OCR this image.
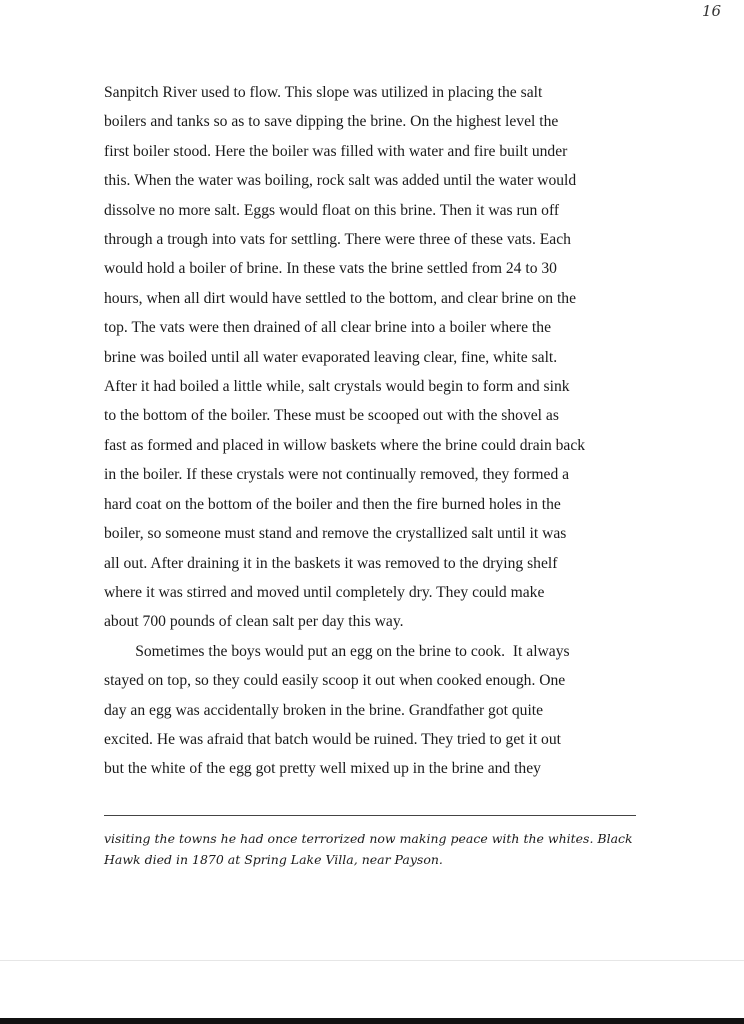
16
Sanpitch River used to flow. This slope was utilized in placing the salt
boilers and tanks so as to save dipping the brine. On the highest level the
first boiler stood. Here the boiler was filled with water and fire built under
this. When the water was boiling, rock salt was added until the water would
dissolve no more salt. Eggs would float on this brine. Then it was run off
through a trough into vats for settling. There were three of these vats. Each
would hold a boiler of brine. In these vats the brine settled from 24 to 30
hours, when all dirt would have settled to the bottom, and clear brine on the
top. The vats were then drained of all clear brine into a boiler where the
brine was boiled until all water evaporated leaving clear, fine, white salt.
After it had boiled a little while, salt crystals would begin to form and sink
to the bottom of the boiler. These must be scooped out with the shovel as
fast as formed and placed in willow baskets where the brine could drain back
in the boiler. If these crystals were not continually removed, they formed a
hard coat on the bottom of the boiler and then the fire burned holes in the
boiler, so someone must stand and remove the crystallized salt until it was
all out. After draining it in the baskets it was removed to the drying shelf
where it was stirred and moved until completely dry. They could make
about 700 pounds of clean salt per day this way.
Sometimes the boys would put an egg on the brine to cook.  It always
stayed on top, so they could easily scoop it out when cooked enough. One
day an egg was accidentally broken in the brine. Grandfather got quite
excited. He was afraid that batch would be ruined. They tried to get it out
but the white of the egg got pretty well mixed up in the brine and they
visiting the towns he had once terrorized now making peace with the whites. Black
Hawk died in 1870 at Spring Lake Villa, near Payson.
